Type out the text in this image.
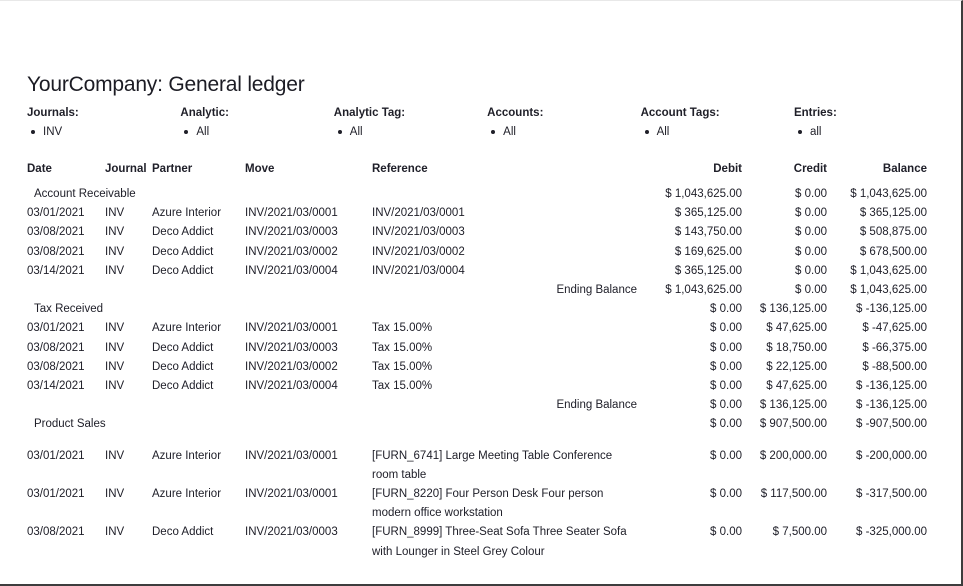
YourCompany: General ledger
Journals:
INV
Analytic:
All
Analytic Tag:
All
Accounts:
All
Account Tags:
All
Entries:
all
Date	Journal	Partner	Move	Reference	Debit	Credit	Balance
Account Receivable					$ 1,043,625.00	$ 0.00	$ 1,043,625.00
03/01/2021	INV	Azure Interior	INV/2021/03/0001	INV/2021/03/0001	$ 365,125.00	$ 0.00	$ 365,125.00
03/08/2021	INV	Deco Addict	INV/2021/03/0003	INV/2021/03/0003	$ 143,750.00	$ 0.00	$ 508,875.00
03/08/2021	INV	Deco Addict	INV/2021/03/0002	INV/2021/03/0002	$ 169,625.00	$ 0.00	$ 678,500.00
03/14/2021	INV	Deco Addict	INV/2021/03/0004	INV/2021/03/0004	$ 365,125.00	$ 0.00	$ 1,043,625.00
Ending Balance					$ 1,043,625.00	$ 0.00	$ 1,043,625.00
Tax Received					$ 0.00	$ 136,125.00	$ -136,125.00
03/01/2021	INV	Azure Interior	INV/2021/03/0001	Tax 15.00%	$ 0.00	$ 47,625.00	$ -47,625.00
03/08/2021	INV	Deco Addict	INV/2021/03/0003	Tax 15.00%	$ 0.00	$ 18,750.00	$ -66,375.00
03/08/2021	INV	Deco Addict	INV/2021/03/0002	Tax 15.00%	$ 0.00	$ 22,125.00	$ -88,500.00
03/14/2021	INV	Deco Addict	INV/2021/03/0004	Tax 15.00%	$ 0.00	$ 47,625.00	$ -136,125.00
Ending Balance					$ 0.00	$ 136,125.00	$ -136,125.00
Product Sales					$ 0.00	$ 907,500.00	$ -907,500.00
03/01/2021	INV	Azure Interior	INV/2021/03/0001	[FURN_6741] Large Meeting Table Conference room table	$ 0.00	$ 200,000.00	$ -200,000.00
03/01/2021	INV	Azure Interior	INV/2021/03/0001	[FURN_8220] Four Person Desk Four person modern office workstation	$ 0.00	$ 117,500.00	$ -317,500.00
03/08/2021	INV	Deco Addict	INV/2021/03/0003	[FURN_8999] Three-Seat Sofa Three Seater Sofa with Lounger in Steel Grey Colour	$ 0.00	$ 7,500.00	$ -325,000.00
